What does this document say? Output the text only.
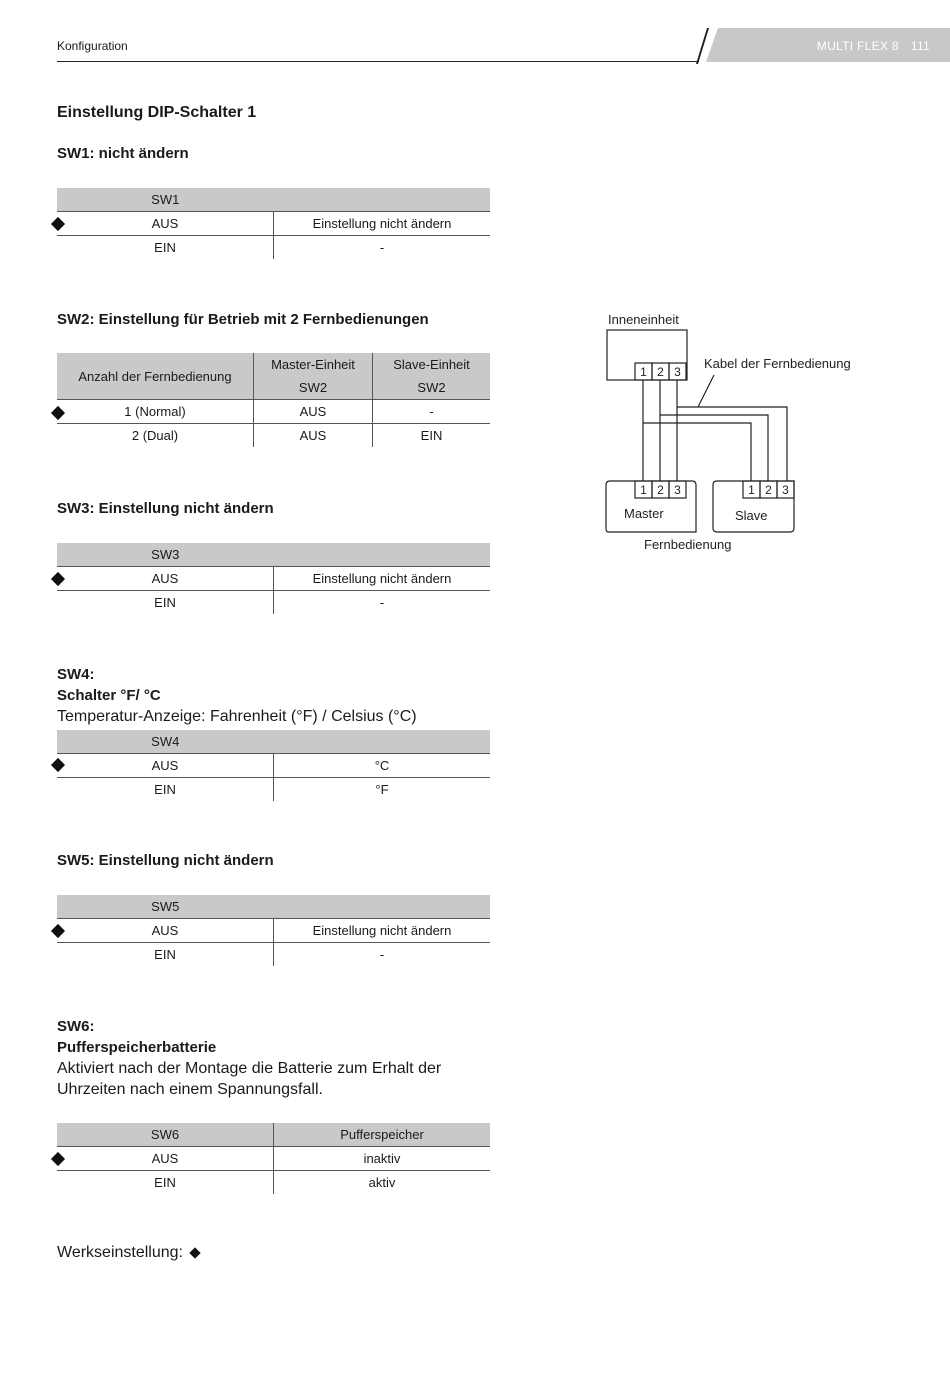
Konfiguration	MULTI FLEX 8 111
Einstellung DIP-Schalter 1
SW1: nicht ändern
SW1	
AUS	Einstellung nicht ändern
EIN	-
SW2: Einstellung für Betrieb mit 2 Fernbedienungen
Anzahl der Fernbedienung	Master-Einheit	Slave-Einheit
	SW2	SW2
1 (Normal)	AUS	-
2 (Dual)	AUS	EIN
SW3: Einstellung nicht ändern
SW3	
AUS	Einstellung nicht ändern
EIN	-
SW4:
Schalter °F/ °C
Temperatur-Anzeige: Fahrenheit (°F) / Celsius (°C)
SW4	
AUS	°C
EIN	°F
SW5: Einstellung nicht ändern
SW5	
AUS	Einstellung nicht ändern
EIN	-
SW6:
Pufferspeicherbatterie
Aktiviert nach der Montage die Batterie zum Erhalt der
Uhrzeiten nach einem Spannungsfall.
SW6	Pufferspeicher
AUS	inaktiv
EIN	aktiv
Werkseinstellung:
Inneneinheit
Kabel der Fernbedienung
Master	Slave
Fernbedienung
1 2 3
1 2 3	1 2 3
